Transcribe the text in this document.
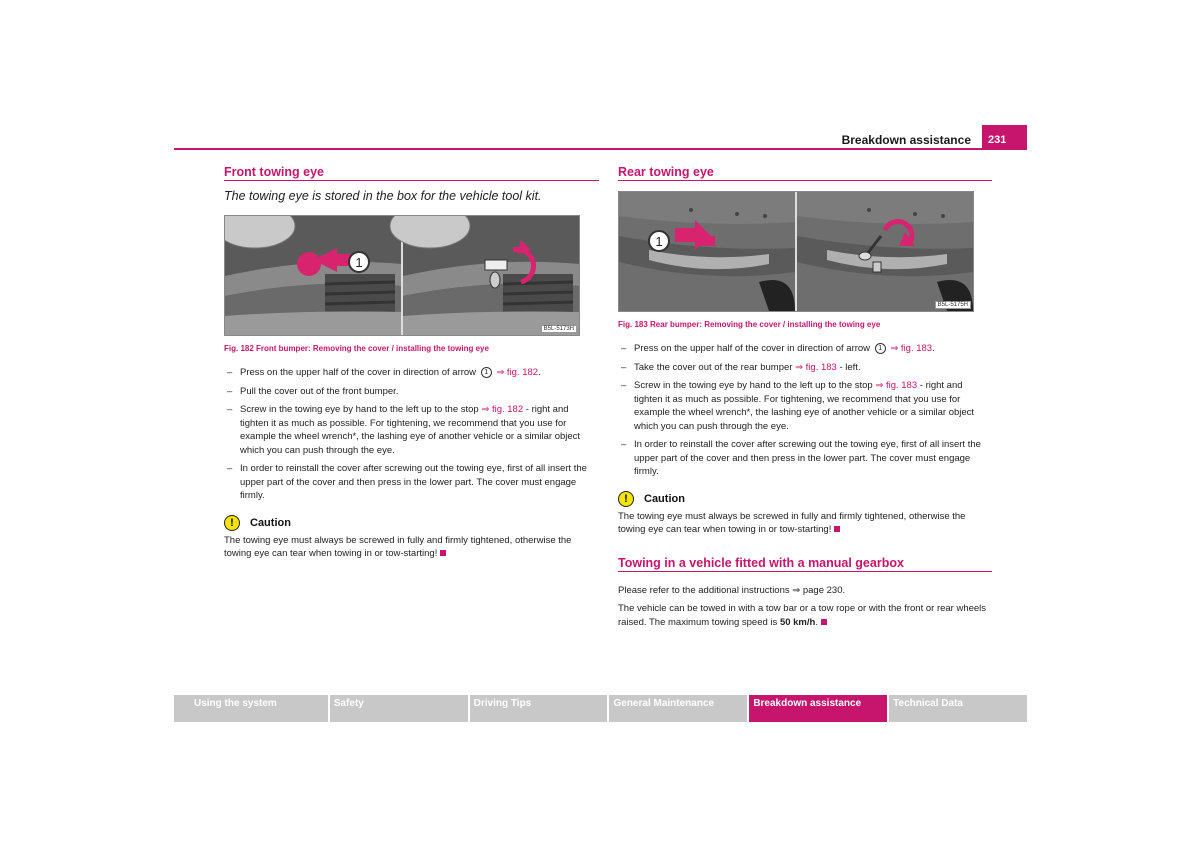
Breakdown assistance	231
Front towing eye

The towing eye is stored in the box for the vehicle tool kit.

1
B5L-5173H

Fig. 182 Front bumper: Removing the cover / installing the towing eye

– Press on the upper half of the cover in direction of arrow 1 ⇒ fig. 182.
– Pull the cover out of the front bumper.
– Screw in the towing eye by hand to the left up to the stop ⇒ fig. 182 - right and tighten it as much as possible. For tightening, we recommend that you use for example the wheel wrench*, the lashing eye of another vehicle or a similar object which you can push through the eye.
– In order to reinstall the cover after screwing out the towing eye, first of all insert the upper part of the cover and then press in the lower part. The cover must engage firmly.
!	Caution

The towing eye must always be screwed in fully and firmly tightened, otherwise the towing eye can tear when towing in or tow-starting!

Rear towing eye
1
B5L-5175H

Fig. 183 Rear bumper: Removing the cover / installing the towing eye

– Press on the upper half of the cover in direction of arrow 1 ⇒ fig. 183.
– Take the cover out of the rear bumper ⇒ fig. 183 - left.
– Screw in the towing eye by hand to the left up to the stop ⇒ fig. 183 - right and tighten it as much as possible. For tightening, we recommend that you use for example the wheel wrench*, the lashing eye of another vehicle or a similar object which you can push through the eye.
– In order to reinstall the cover after screwing out the towing eye, first of all insert the upper part of the cover and then press in the lower part. The cover must engage firmly.
!	Caution

The towing eye must always be screwed in fully and firmly tightened, otherwise the towing eye can tear when towing in or tow-starting!

Towing in a vehicle fitted with a manual gearbox

Please refer to the additional instructions ⇒ page 230.

The vehicle can be towed in with a tow bar or a tow rope or with the front or rear wheels raised. The maximum towing speed is 50 km/h.

Using the system	Safety	Driving Tips	General Maintenance	Breakdown assistance	Technical Data
